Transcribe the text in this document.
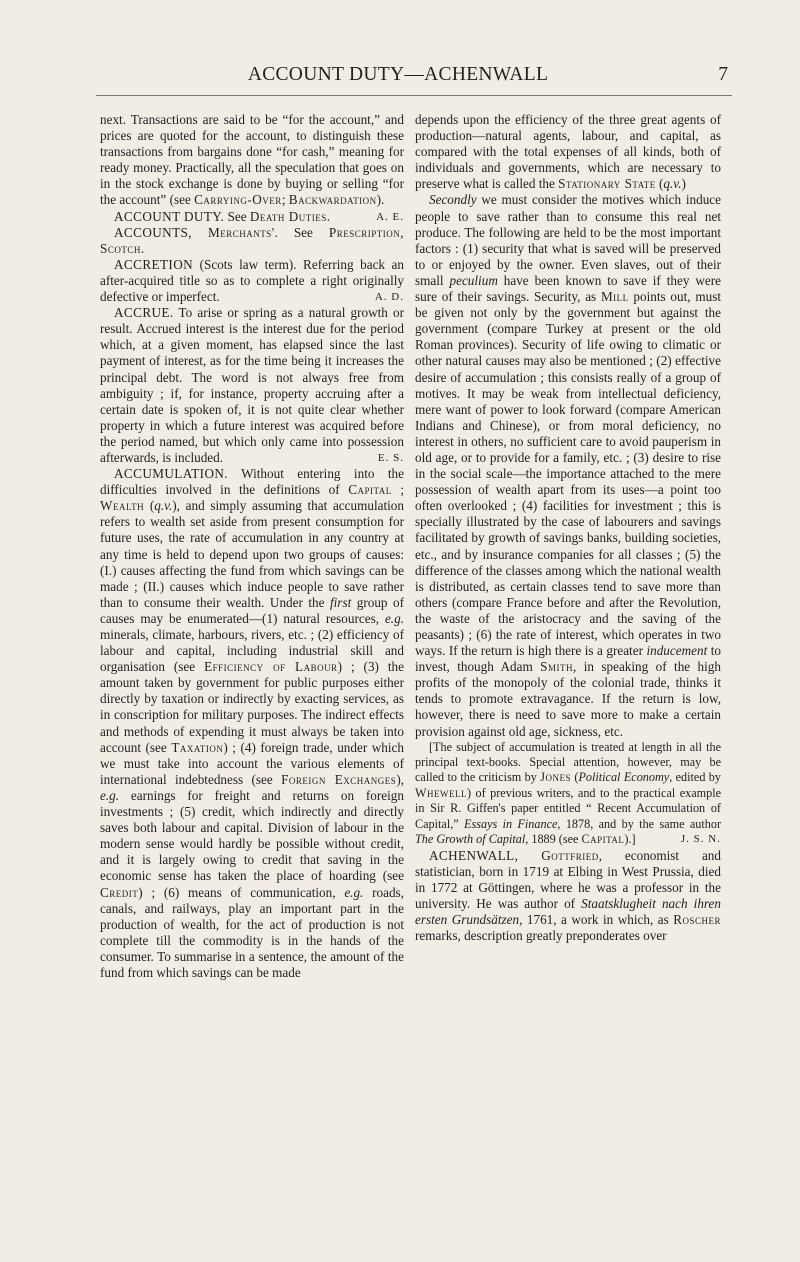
ACCOUNT DUTY—ACHENWALL	7

next. Transactions are said to be “for the account,” and prices are quoted for the account, to distinguish these transactions from bargains done “for cash,” meaning for ready money. Practically, all the speculation that goes on in the stock exchange is done by buying or selling “for the account” (see Carrying-Over; Backwardation).
A. E.

ACCOUNT DUTY. See Death Duties.

ACCOUNTS, Merchants'. See Prescription, Scotch.

ACCRETION (Scots law term). Referring back an after-acquired title so as to complete a right originally defective or imperfect.	A. D.

ACCRUE. To arise or spring as a natural growth or result. Accrued interest is the interest due for the period which, at a given moment, has elapsed since the last payment of interest, as for the time being it increases the principal debt. The word is not always free from ambiguity ; if, for instance, property accruing after a certain date is spoken of, it is not quite clear whether property in which a future interest was acquired before the period named, but which only came into possession afterwards, is included.	E. S.

ACCUMULATION. Without entering into the difficulties involved in the definitions of Capital ; Wealth (q.v.), and simply assuming that accumulation refers to wealth set aside from present consumption for future uses, the rate of accumulation in any country at any time is held to depend upon two groups of causes: (I.) causes affecting the fund from which savings can be made ; (II.) causes which induce people to save rather than to consume their wealth. Under the first group of causes may be enumerated—(1) natural resources, e.g. minerals, climate, harbours, rivers, etc. ; (2) efficiency of labour and capital, including industrial skill and organisation (see Efficiency of Labour) ; (3) the amount taken by government for public purposes either directly by taxation or indirectly by exacting services, as in conscription for military purposes. The indirect effects and methods of expending it must always be taken into account (see Taxation) ; (4) foreign trade, under which we must take into account the various elements of international indebtedness (see Foreign Exchanges), e.g. earnings for freight and returns on foreign investments ; (5) credit, which indirectly and directly saves both labour and capital. Division of labour in the modern sense would hardly be possible without credit, and it is largely owing to credit that saving in the economic sense has taken the place of hoarding (see Credit) ; (6) means of communication, e.g. roads, canals, and railways, play an important part in the production of wealth, for the act of production is not complete till the commodity is in the hands of the consumer. To summarise in a sentence, the amount of the fund from which savings can be made

depends upon the efficiency of the three great agents of production—natural agents, labour, and capital, as compared with the total expenses of all kinds, both of individuals and governments, which are necessary to preserve what is called the Stationary State (q.v.)

Secondly we must consider the motives which induce people to save rather than to consume this real net produce. The following are held to be the most important factors : (1) security that what is saved will be preserved to or enjoyed by the owner. Even slaves, out of their small peculium have been known to save if they were sure of their savings. Security, as Mill points out, must be given not only by the government but against the government (compare Turkey at present or the old Roman provinces). Security of life owing to climatic or other natural causes may also be mentioned ; (2) effective desire of accumulation ; this consists really of a group of motives. It may be weak from intellectual deficiency, mere want of power to look forward (compare American Indians and Chinese), or from moral deficiency, no interest in others, no sufficient care to avoid pauperism in old age, or to provide for a family, etc. ; (3) desire to rise in the social scale—the importance attached to the mere possession of wealth apart from its uses—a point too often overlooked ; (4) facilities for investment ; this is specially illustrated by the case of labourers and savings facilitated by growth of savings banks, building societies, etc., and by insurance companies for all classes ; (5) the difference of the classes among which the national wealth is distributed, as certain classes tend to save more than others (compare France before and after the Revolution, the waste of the aristocracy and the saving of the peasants) ; (6) the rate of interest, which operates in two ways. If the return is high there is a greater inducement to invest, though Adam Smith, in speaking of the high profits of the monopoly of the colonial trade, thinks it tends to promote extravagance. If the return is low, however, there is need to save more to make a certain provision against old age, sickness, etc.

[The subject of accumulation is treated at length in all the principal text-books. Special attention, however, may be called to the criticism by Jones (Political Economy, edited by Whewell) of previous writers, and to the practical example in Sir R. Giffen's paper entitled “ Recent Accumulation of Capital,” Essays in Finance, 1878, and by the same author The Growth of Capital, 1889 (see Capital).]	J. S. N.

ACHENWALL, Gottfried, economist and statistician, born in 1719 at Elbing in West Prussia, died in 1772 at Göttingen, where he was a professor in the university. He was author of Staatsklugheit nach ihren ersten Grundsätzen, 1761, a work in which, as Roscher remarks, description greatly preponderates over
